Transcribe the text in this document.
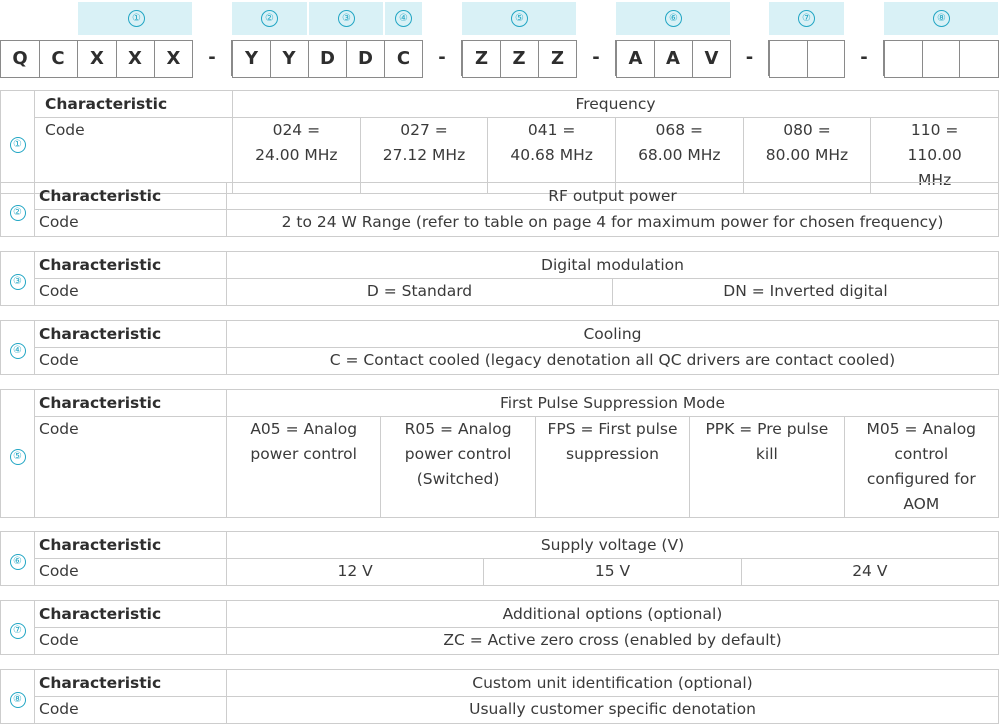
①	②	③	④	⑤	⑥	⑦	⑧
Q	C	X	X	X	-	Y	Y	D	D	C	-	Z	Z	Z	-	A	A	V	-	-
①	Characteristic	Frequency					
	Code	024 = 24.00 MHz	027 = 27.12 MHz	041 = 40.68 MHz	068 = 68.00 MHz	080 = 80.00 MHz	110 = 110.00 MHz
②	Characteristic	RF output power
	Code	2 to 24 W Range (refer to table on page 4 for maximum power for chosen frequency)
③	Characteristic	Digital modulation	
	Code	D = Standard	DN = Inverted digital
④	Characteristic	Cooling
	Code	C = Contact cooled (legacy denotation all QC drivers are contact cooled)
⑤	Characteristic	First Pulse Suppression Mode				
	Code	A05 = Analog power control	R05 = Analog power control (Switched)	FPS = First pulse suppression	PPK = Pre pulse kill	M05 = Analog control configured for AOM
⑥	Characteristic	Supply voltage (V)		
	Code	12 V	15 V	24 V
⑦	Characteristic	Additional options (optional)
	Code	ZC = Active zero cross (enabled by default)
⑧	Characteristic	Custom unit identification (optional)
	Code	Usually customer specific denotation
